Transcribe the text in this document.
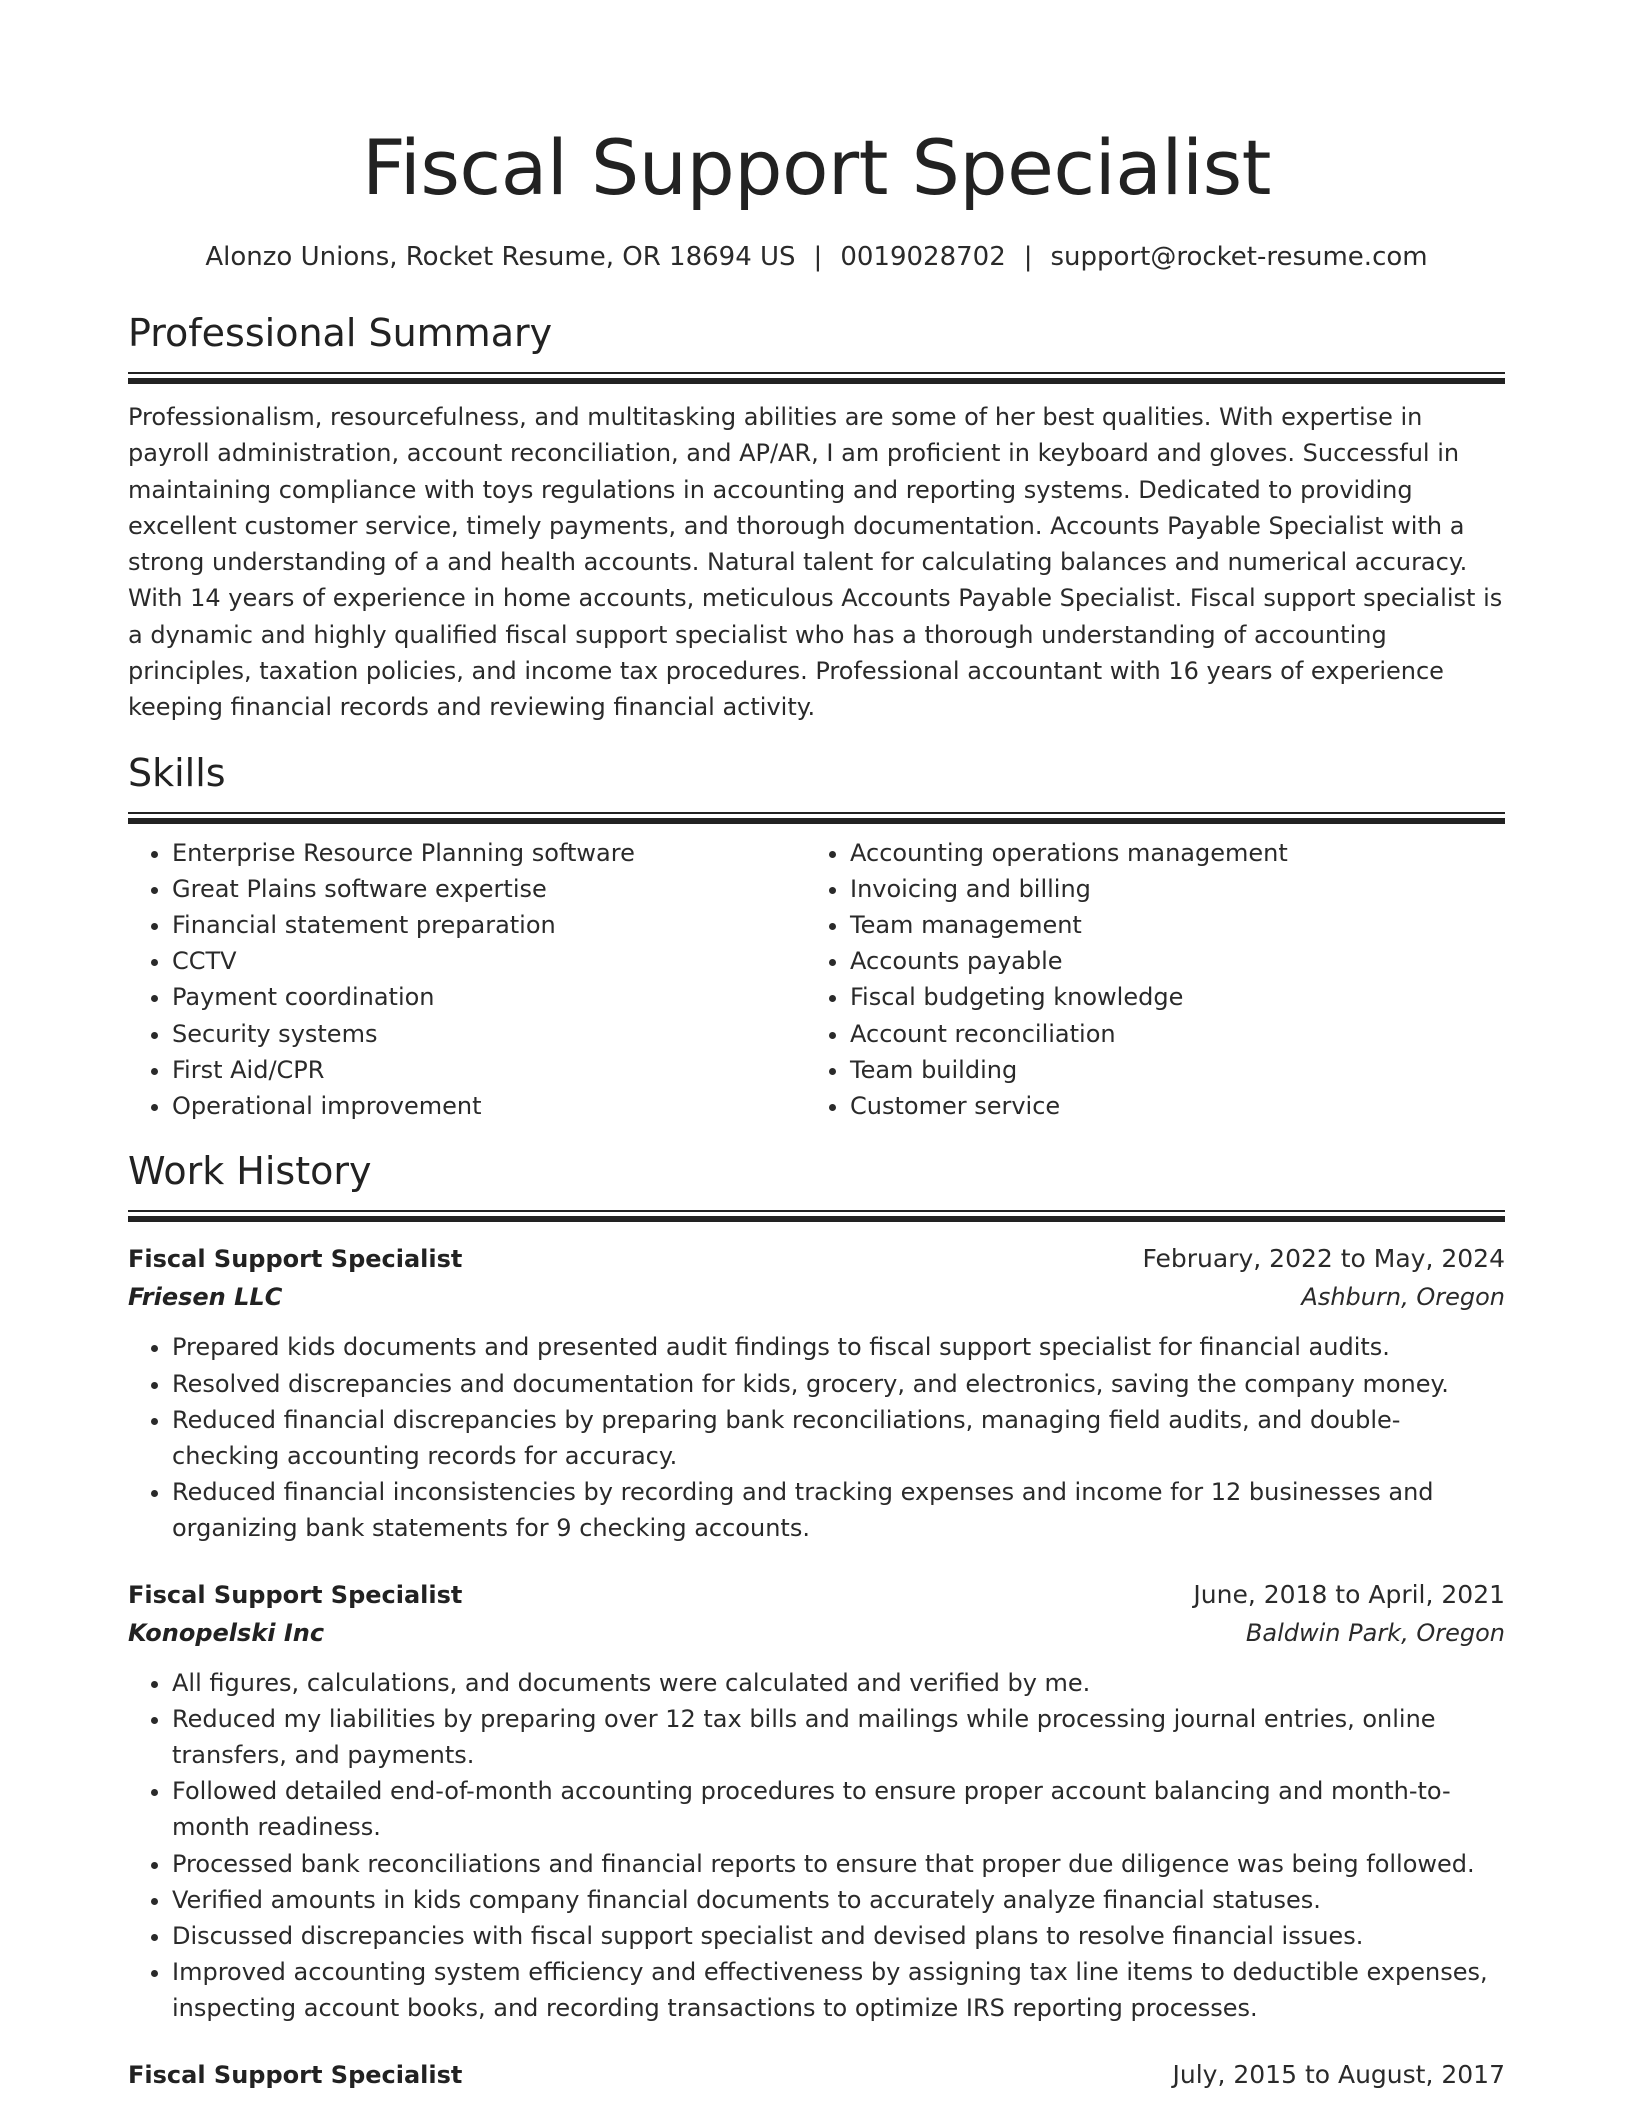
Fiscal Support Specialist
Alonzo Unions, Rocket Resume, OR 18694 US | 0019028702 | support@rocket-resume.com
Professional Summary

Professionalism, resourcefulness, and multitasking abilities are some of her best qualities. With expertise in payroll administration, account reconciliation, and AP/AR, I am proficient in keyboard and gloves. Successful in maintaining compliance with toys regulations in accounting and reporting systems. Dedicated to providing excellent customer service, timely payments, and thorough documentation. Accounts Payable Specialist with a strong understanding of a and health accounts. Natural talent for calculating balances and numerical accuracy. With 14 years of experience in home accounts, meticulous Accounts Payable Specialist. Fiscal support specialist is a dynamic and highly qualified fiscal support specialist who has a thorough understanding of accounting principles, taxation policies, and income tax procedures. Professional accountant with 16 years of experience keeping financial records and reviewing financial activity.

Skills
• Enterprise Resource Planning software
• Great Plains software expertise
• Financial statement preparation
• CCTV
• Payment coordination
• Security systems
• First Aid/CPR
• Operational improvement
• Accounting operations management
• Invoicing and billing
• Team management
• Accounts payable
• Fiscal budgeting knowledge
• Account reconciliation
• Team building
• Customer service
Work History
Fiscal Support Specialist	February, 2022 to May, 2024
Friesen LLC	Ashburn, Oregon
• Prepared kids documents and presented audit findings to fiscal support specialist for financial audits.
• Resolved discrepancies and documentation for kids, grocery, and electronics, saving the company money.
• Reduced financial discrepancies by preparing bank reconciliations, managing field audits, and double-checking accounting records for accuracy.
• Reduced financial inconsistencies by recording and tracking expenses and income for 12 businesses and organizing bank statements for 9 checking accounts.
Fiscal Support Specialist	June, 2018 to April, 2021
Konopelski Inc	Baldwin Park, Oregon
• All figures, calculations, and documents were calculated and verified by me.
• Reduced my liabilities by preparing over 12 tax bills and mailings while processing journal entries, online transfers, and payments.
• Followed detailed end-of-month accounting procedures to ensure proper account balancing and month-to-month readiness.
• Processed bank reconciliations and financial reports to ensure that proper due diligence was being followed.
• Verified amounts in kids company financial documents to accurately analyze financial statuses.
• Discussed discrepancies with fiscal support specialist and devised plans to resolve financial issues.
• Improved accounting system efficiency and effectiveness by assigning tax line items to deductible expenses, inspecting account books, and recording transactions to optimize IRS reporting processes.
Fiscal Support Specialist	July, 2015 to August, 2017
